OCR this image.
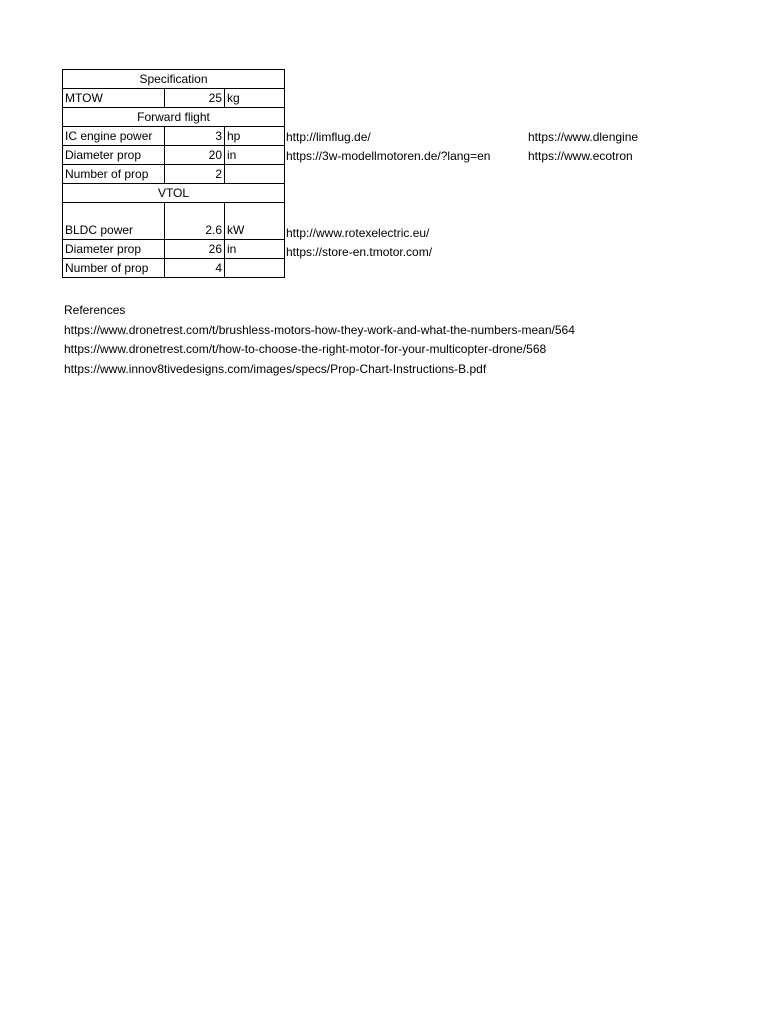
Specification		
MTOW	25	kg
Forward flight		
IC engine power	3	hp
Diameter prop	20	in
Number of prop	2	
VTOL		
BLDC power	2.6	kW
Diameter prop	26	in
Number of prop	4	
http://limflug.de/	https://www.dlengine
https://3w-modellmotoren.de/?lang=en	https://www.ecotron
http://www.rotexelectric.eu/
https://store-en.tmotor.com/
References
https://www.dronetrest.com/t/brushless-motors-how-they-work-and-what-the-numbers-mean/564
https://www.dronetrest.com/t/how-to-choose-the-right-motor-for-your-multicopter-drone/568
https://www.innov8tivedesigns.com/images/specs/Prop-Chart-Instructions-B.pdf
